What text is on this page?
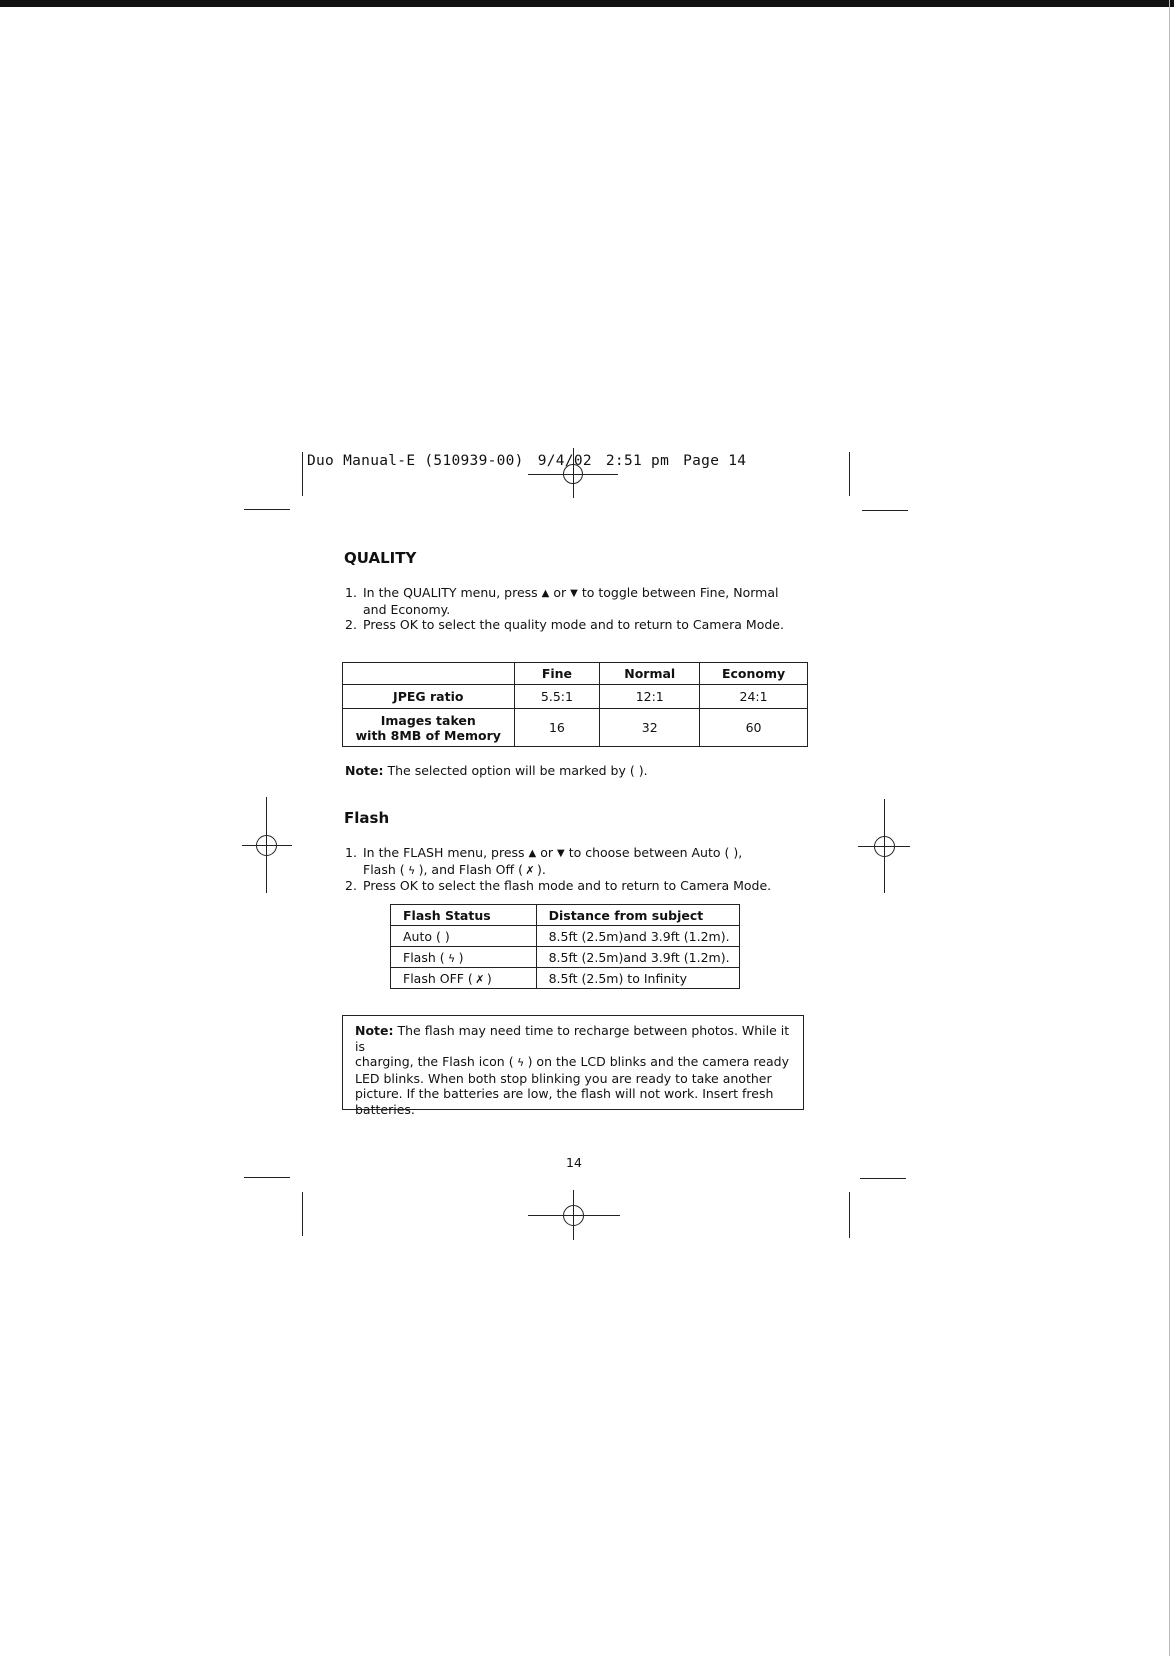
Duo Manual-E (510939-00) 9/4/02 2:51 pm Page 14
QUALITY
1. In the QUALITY menu, press ▲ or ▼ to toggle between Fine, Normal
and Economy.
2. Press OK to select the quality mode and to return to Camera Mode.
	Fine	Normal	Economy
JPEG ratio	5.5:1	12:1	24:1
Images taken
with 8MB of Memory	16	32	60
Note: The selected option will be marked by ( ).
Flash
1. In the FLASH menu, press ▲ or ▼ to choose between Auto ( ),
Flash ( ϟ ), and Flash Off ( ✗ ).
2. Press OK to select the flash mode and to return to Camera Mode.
Flash Status	Distance from subject
Auto ( )	8.5ft (2.5m)and 3.9ft (1.2m).
Flash ( ϟ )	8.5ft (2.5m)and 3.9ft (1.2m).
Flash OFF ( ✗ )	8.5ft (2.5m) to Infinity
Note: The flash may need time to recharge between photos. While it is
charging, the Flash icon ( ϟ ) on the LCD blinks and the camera ready
LED blinks. When both stop blinking you are ready to take another
picture. If the batteries are low, the flash will not work. Insert fresh
batteries.
14
